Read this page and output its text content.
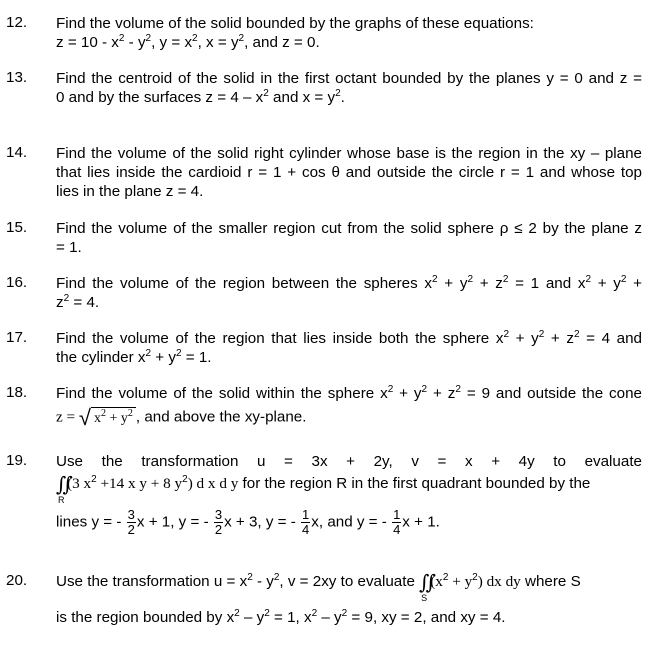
12. Find the volume of the solid bounded by the graphs of these equations:
$z = 10 - x^2 - y^2$, $y = x^2$, $x = y^2$, and z = 0.
13. Find the centroid of the solid in the first octant bounded by the planes y = 0 and z =
0 and by the surfaces $z = 4 - x^2$ and $x = y^2$.
14. Find the volume of the solid right cylinder whose base is the region in the xy – plane
that lies inside the cardioid r = 1 + cos θ and outside the circle r = 1 and whose top
lies in the plane z = 4.
15. Find the volume of the smaller region cut from the solid sphere ρ ≤ 2 by the plane z
= 1.
16. Find the volume of the region between the spheres $x^2 + y^2 + z^2 = 1$ and $x^2 + y^2$ +
$z^2 = 4$.
17. Find the volume of the region that lies inside both the sphere $x^2 + y^2 + z^2 = 4$ and
the cylinder $x^2 + y^2 = 1$.
18. Find the volume of the solid within the sphere $x^2 + y^2 + z^2 = 9$ and outside the cone
z = √ $x^2 + y^2$ , and above the xy-plane.
19. Use the transformation u = 3x + 2y, v = x + 4y to evaluate
∬
R
(3 $x^2 +14$ x y + 8 $y^2$) d x d y for the region R in the first quadrant bounded by the
lines y = - $\frac{3}{2}$ x + 1, y = - $\frac{3}{2}$ x + 3, y = - $\frac{1}{4} x$, and y = - $\frac{1}{4}$ x + 1.
20. Use the transformation $u = x^2 - y^2$, v = 2xy to evaluate ∬
S
$(x^2 + y^2)$ dx dy where S
is the region bounded by $x^2 - y^2 = 1$, $x^2 - y^2 = 9$, xy = 2, and xy = 4.
